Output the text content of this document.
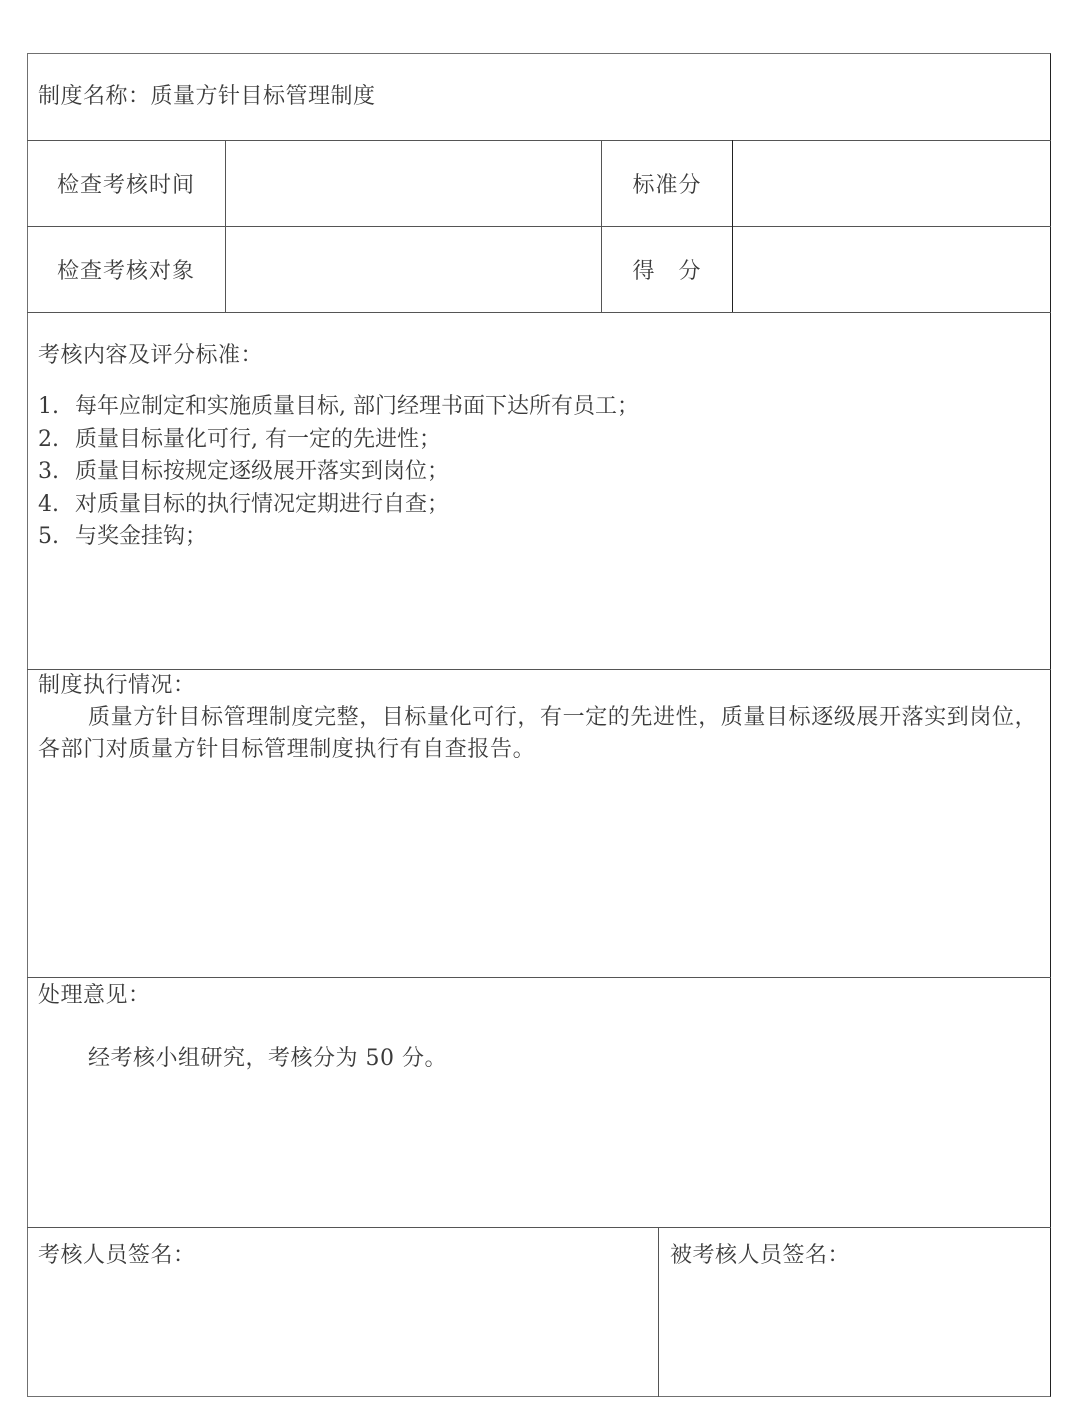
制度名称：质量方针目标管理制度
检查考核时间	标准分
检查考核对象	得　分
考核内容及评分标准：
1. 每年应制定和实施质量目标, 部门经理书面下达所有员工；
2. 质量目标量化可行, 有一定的先进性；
3. 质量目标按规定逐级展开落实到岗位；
4. 对质量目标的执行情况定期进行自查；
5. 与奖金挂钩；
制度执行情况：

质量方针目标管理制度完整，目标量化可行，有一定的先进性，质量目标逐级展开落实到岗位，各部门对质量方针目标管理制度执行有自查报告。

处理意见：
经考核小组研究，考核分为 50 分。
考核人员签名：	被考核人员签名：
